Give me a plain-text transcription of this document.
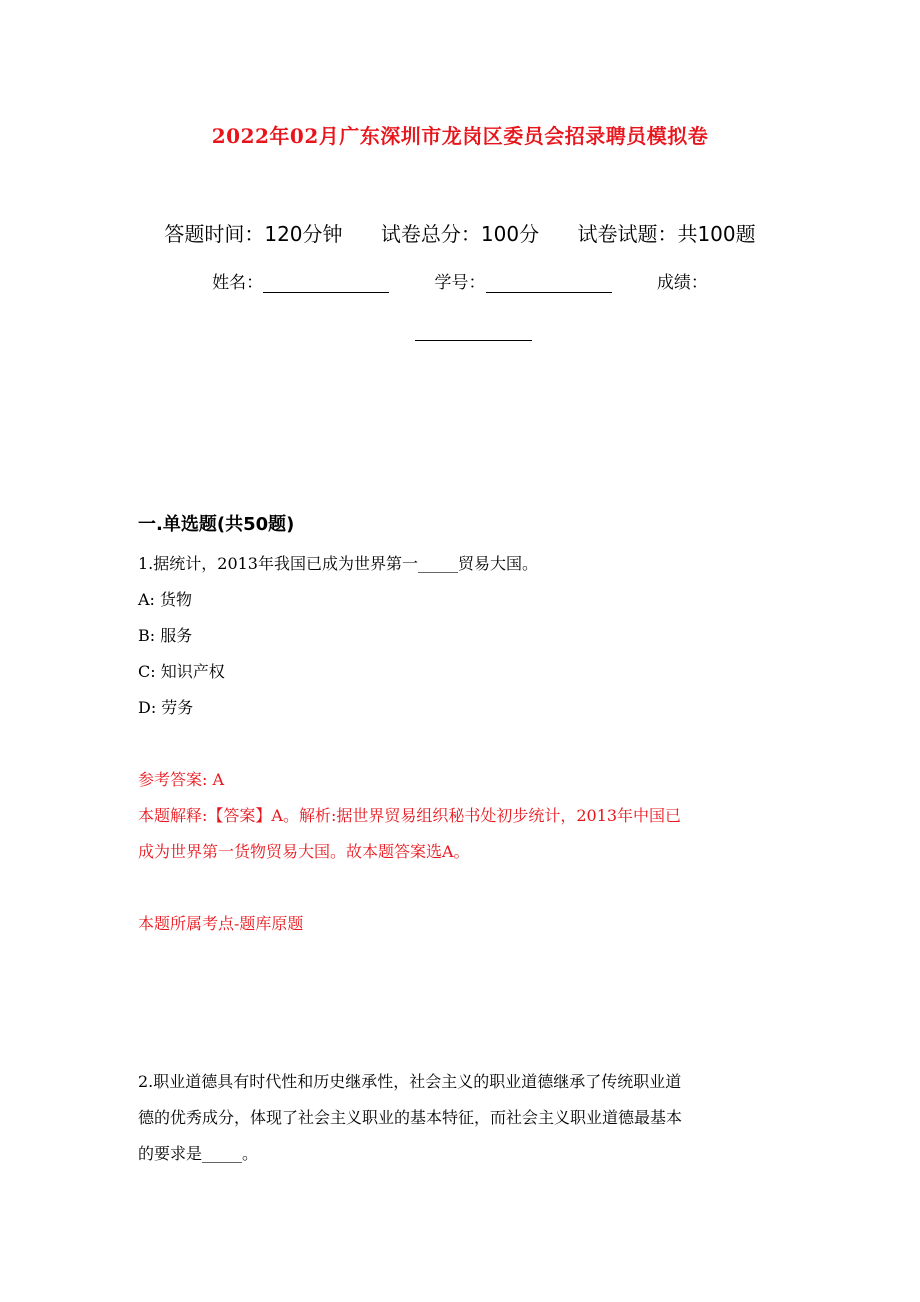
2022年02月广东深圳市龙岗区委员会招录聘员模拟卷
答题时间：120分钟 试卷总分：100分 试卷试题：共100题
姓名：	学号：	成绩：
一.单选题(共50题)
1.据统计，2013年我国已成为世界第一_____贸易大国。
A: 货物
B: 服务
C: 知识产权
D: 劳务
参考答案: A
本题解释:【答案】A。解析:据世界贸易组织秘书处初步统计，2013年中国已
成为世界第一货物贸易大国。故本题答案选A。
本题所属考点-题库原题
2.职业道德具有时代性和历史继承性，社会主义的职业道德继承了传统职业道
德的优秀成分，体现了社会主义职业的基本特征，而社会主义职业道德最基本
的要求是_____。
